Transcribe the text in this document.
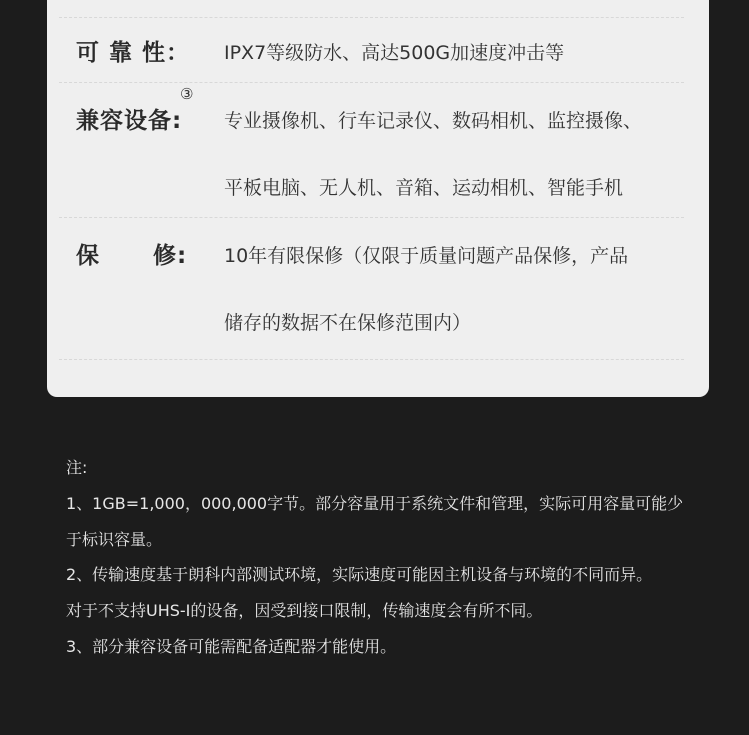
可 靠 性： IPX7等级防水、高达500G加速度冲击等
兼容设备:
③
专业摄像机、行车记录仪、数码相机、监控摄像、
平板电脑、无人机、音箱、运动相机、智能手机
保 修: 10年有限保修（仅限于质量问题产品保修，产品
储存的数据不在保修范围内）
注:
1、1GB=1,000，000,000字节。部分容量用于系统文件和管理，实际可用容量可能少
于标识容量。
2、传输速度基于朗科内部测试环境，实际速度可能因主机设备与环境的不同而异。
对于不支持UHS-I的设备，因受到接口限制，传输速度会有所不同。
3、部分兼容设备可能需配备适配器才能使用。
